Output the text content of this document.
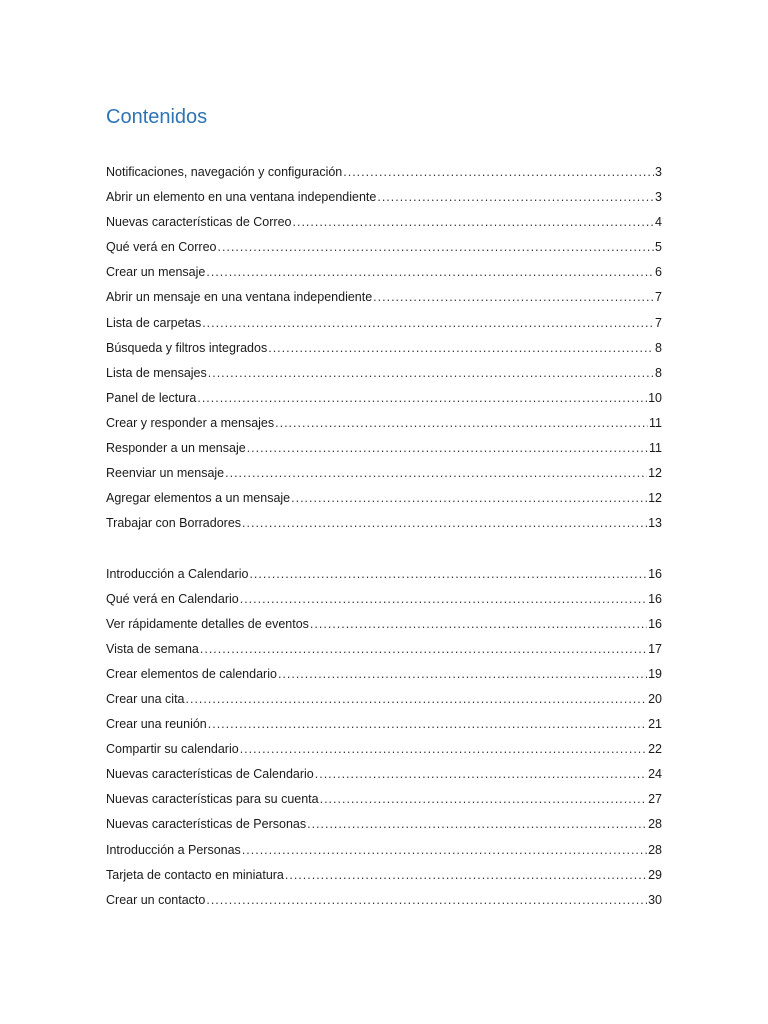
Contenidos
Notificaciones, navegación y configuración .....	3
Abrir un elemento en una ventana independiente .....	3
Nuevas características de Correo .....	4
Qué verá en Correo .....	5
Crear un mensaje .....	6
Abrir un mensaje en una ventana independiente .....	7
Lista de carpetas .....	7
Búsqueda y filtros integrados .....	8
Lista de mensajes .....	8
Panel de lectura .....	10
Crear y responder a mensajes .....	11
Responder a un mensaje .....	11
Reenviar un mensaje .....	12
Agregar elementos a un mensaje .....	12
Trabajar con Borradores .....	13
Introducción a Calendario .....	16
Qué verá en Calendario .....	16
Ver rápidamente detalles de eventos .....	16
Vista de semana .....	17
Crear elementos de calendario .....	19
Crear una cita .....	20
Crear una reunión .....	21
Compartir su calendario .....	22
Nuevas características de Calendario .....	24
Nuevas características para su cuenta .....	27
Nuevas características de Personas .....	28
Introducción a Personas .....	28
Tarjeta de contacto en miniatura .....	29
Crear un contacto .....	30
